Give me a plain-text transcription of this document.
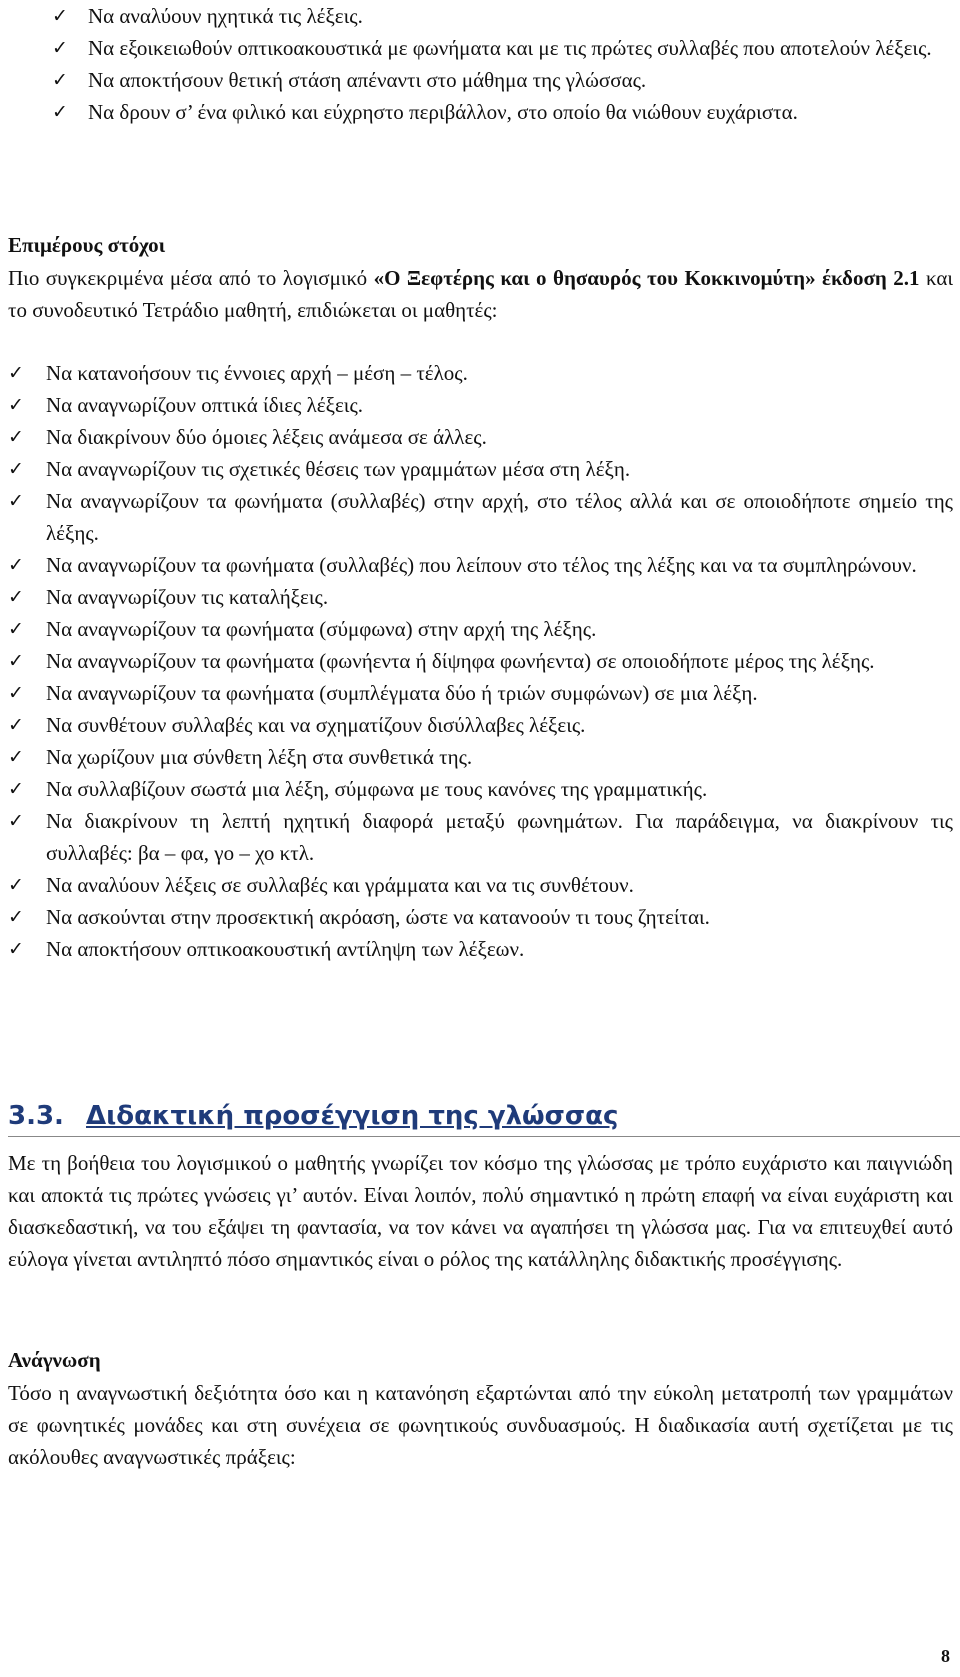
✓ Να αναλύουν ηχητικά τις λέξεις.
✓ Να εξοικειωθούν οπτικοακουστικά με φωνήματα και με τις πρώτες συλλαβές που αποτελούν λέξεις.
✓ Να αποκτήσουν θετική στάση απέναντι στο μάθημα της γλώσσας.
✓ Να δρουν σ’ ένα φιλικό και εύχρηστο περιβάλλον, στο οποίο θα νιώθουν ευχάριστα.
Επιμέρους στόχοι

Πιο συγκεκριμένα μέσα από το λογισμικό «Ο Ξεφτέρης και ο θησαυρός του Κοκκινομύτη» έκδοση 2.1 και το συνοδευτικό Τετράδιο μαθητή, επιδιώκεται οι μαθητές:

✓	Να κατανοήσουν τις έννοιες αρχή – μέση – τέλος.
✓	Να αναγνωρίζουν οπτικά ίδιες λέξεις.
✓	Να διακρίνουν δύο όμοιες λέξεις ανάμεσα σε άλλες.
✓	Να αναγνωρίζουν τις σχετικές θέσεις των γραμμάτων μέσα στη λέξη.
✓	Να αναγνωρίζουν τα φωνήματα (συλλαβές) στην αρχή, στο τέλος αλλά και σε οποιοδήποτε σημείο της λέξης.
✓	Να αναγνωρίζουν τα φωνήματα (συλλαβές) που λείπουν στο τέλος της λέξης και να τα συμπληρώνουν.
✓	Να αναγνωρίζουν τις καταλήξεις.
✓	Να αναγνωρίζουν τα φωνήματα (σύμφωνα) στην αρχή της λέξης.
✓	Να αναγνωρίζουν τα φωνήματα (φωνήεντα ή δίψηφα φωνήεντα) σε οποιοδήποτε μέρος της λέξης.
✓	Να αναγνωρίζουν τα φωνήματα (συμπλέγματα δύο ή τριών συμφώνων) σε μια λέξη.
✓	Να συνθέτουν συλλαβές και να σχηματίζουν δισύλλαβες λέξεις.
✓	Να χωρίζουν μια σύνθετη λέξη στα συνθετικά της.
✓	Να συλλαβίζουν σωστά μια λέξη, σύμφωνα με τους κανόνες της γραμματικής.
✓	Να διακρίνουν τη λεπτή ηχητική διαφορά μεταξύ φωνημάτων. Για παράδειγμα, να διακρίνουν τις συλλαβές: βα – φα, γο – χο κτλ.
✓	Να αναλύουν λέξεις σε συλλαβές και γράμματα και να τις συνθέτουν.
✓	Να ασκούνται στην προσεκτική ακρόαση, ώστε να κατανοούν τι τους ζητείται.
✓	Να αποκτήσουν οπτικοακουστική αντίληψη των λέξεων.
3.3. Διδακτική προσέγγιση της γλώσσας

Με τη βοήθεια του λογισμικού ο μαθητής γνωρίζει τον κόσμο της γλώσσας με τρόπο ευχάριστο και παιγνιώδη και αποκτά τις πρώτες γνώσεις γι’ αυτόν. Είναι λοιπόν, πολύ σημαντικό η πρώτη επαφή να είναι ευχάριστη και διασκεδαστική, να του εξάψει τη φαντασία, να τον κάνει να αγαπήσει τη γλώσσα μας. Για να επιτευχθεί αυτό εύλογα γίνεται αντιληπτό πόσο σημαντικός είναι ο ρόλος της κατάλληλης διδακτικής προσέγγισης.

Ανάγνωση

Τόσο η αναγνωστική δεξιότητα όσο και η κατανόηση εξαρτώνται από την εύκολη μετατροπή των γραμμάτων σε φωνητικές μονάδες και στη συνέχεια σε φωνητικούς συνδυασμούς. Η διαδικασία αυτή σχετίζεται με τις ακόλουθες αναγνωστικές πράξεις:

8
